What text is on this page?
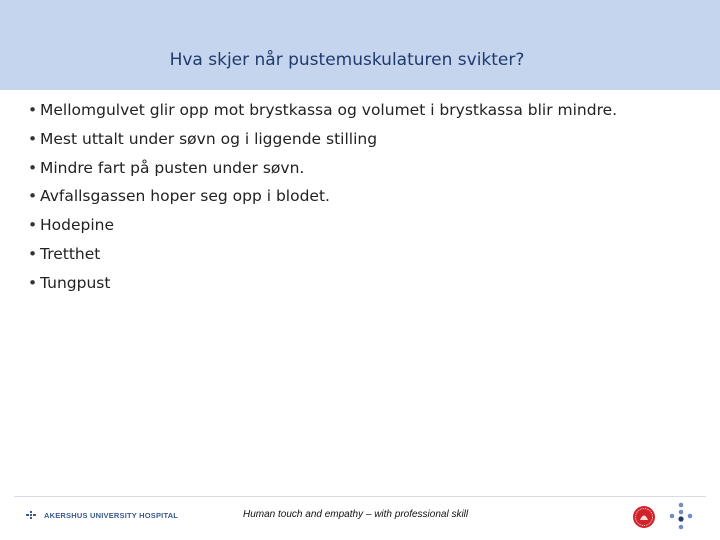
Hva skjer når pustemuskulaturen svikter?
• Mellomgulvet glir opp mot brystkassa og volumet i brystkassa blir mindre.
• Mest uttalt under søvn og i liggende stilling
• Mindre fart på pusten under søvn.
• Avfallsgassen hoper seg opp i blodet.
• Hodepine
• Tretthet
• Tungpust
AKERSHUS UNIVERSITY HOSPITAL	Human touch and empathy – with professional skill
